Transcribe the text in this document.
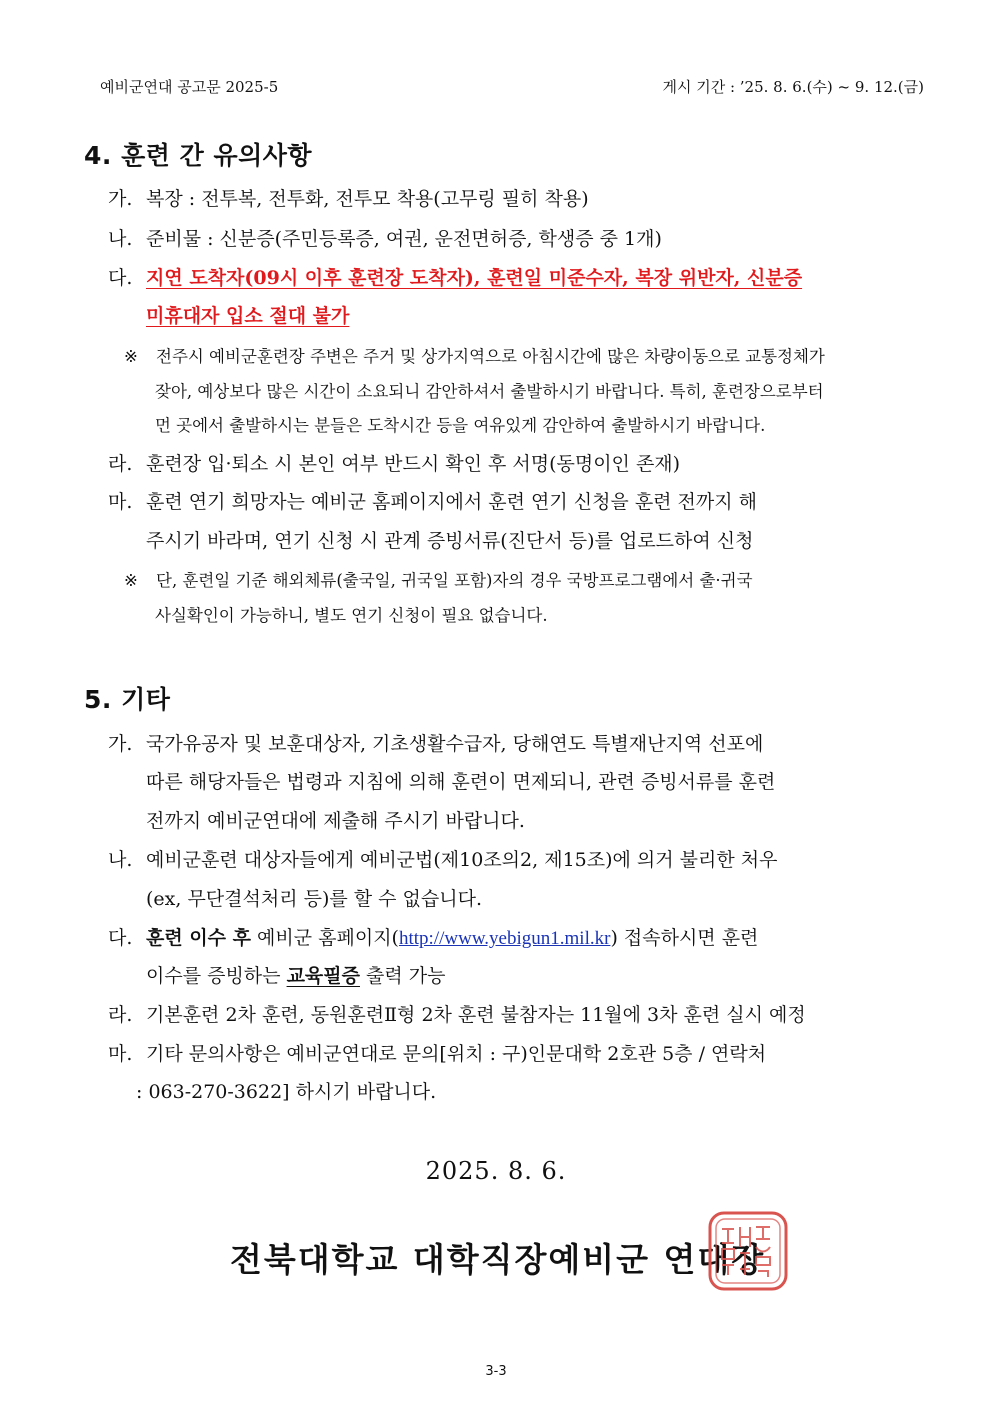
예비군연대 공고문 2025-5	게시 기간 : ’25. 8. 6.(수) ~ 9. 12.(금)
4. 훈련 간 유의사항
가. 복장 : 전투복, 전투화, 전투모 착용(고무링 필히 착용)
나. 준비물 : 신분증(주민등록증, 여권, 운전면허증, 학생증 중 1개)
다. 지연 도착자(09시 이후 훈련장 도착자), 훈련일 미준수자, 복장 위반자, 신분증
미휴대자 입소 절대 불가
※ 전주시 예비군훈련장 주변은 주거 및 상가지역으로 아침시간에 많은 차량이동으로 교통정체가
잦아, 예상보다 많은 시간이 소요되니 감안하셔서 출발하시기 바랍니다. 특히, 훈련장으로부터
먼 곳에서 출발하시는 분들은 도착시간 등을 여유있게 감안하여 출발하시기 바랍니다.
라. 훈련장 입·퇴소 시 본인 여부 반드시 확인 후 서명(동명이인 존재)
마. 훈련 연기 희망자는 예비군 홈페이지에서 훈련 연기 신청을 훈련 전까지 해
주시기 바라며, 연기 신청 시 관계 증빙서류(진단서 등)를 업로드하여 신청
※ 단, 훈련일 기준 해외체류(출국일, 귀국일 포함)자의 경우 국방프로그램에서 출·귀국
사실확인이 가능하니, 별도 연기 신청이 필요 없습니다.
5. 기타
가. 국가유공자 및 보훈대상자, 기초생활수급자, 당해연도 특별재난지역 선포에
따른 해당자들은 법령과 지침에 의해 훈련이 면제되니, 관련 증빙서류를 훈련
전까지 예비군연대에 제출해 주시기 바랍니다.
나. 예비군훈련 대상자들에게 예비군법(제10조의2, 제15조)에 의거 불리한 처우
(ex, 무단결석처리 등)를 할 수 없습니다.
다. 훈련 이수 후 예비군 홈페이지(http://www.yebigun1.mil.kr) 접속하시면 훈련
이수를 증빙하는 교육필증 출력 가능
라. 기본훈련 2차 훈련, 동원훈련Ⅱ형 2차 훈련 불참자는 11월에 3차 훈련 실시 예정
마. 기타 문의사항은 예비군연대로 문의[위치 : 구)인문대학 2호관 5층 / 연락처
: 063-270-3622] 하시기 바랍니다.
2025. 8. 6.
전북대학교 대학직장예비군 연대장
3-3
